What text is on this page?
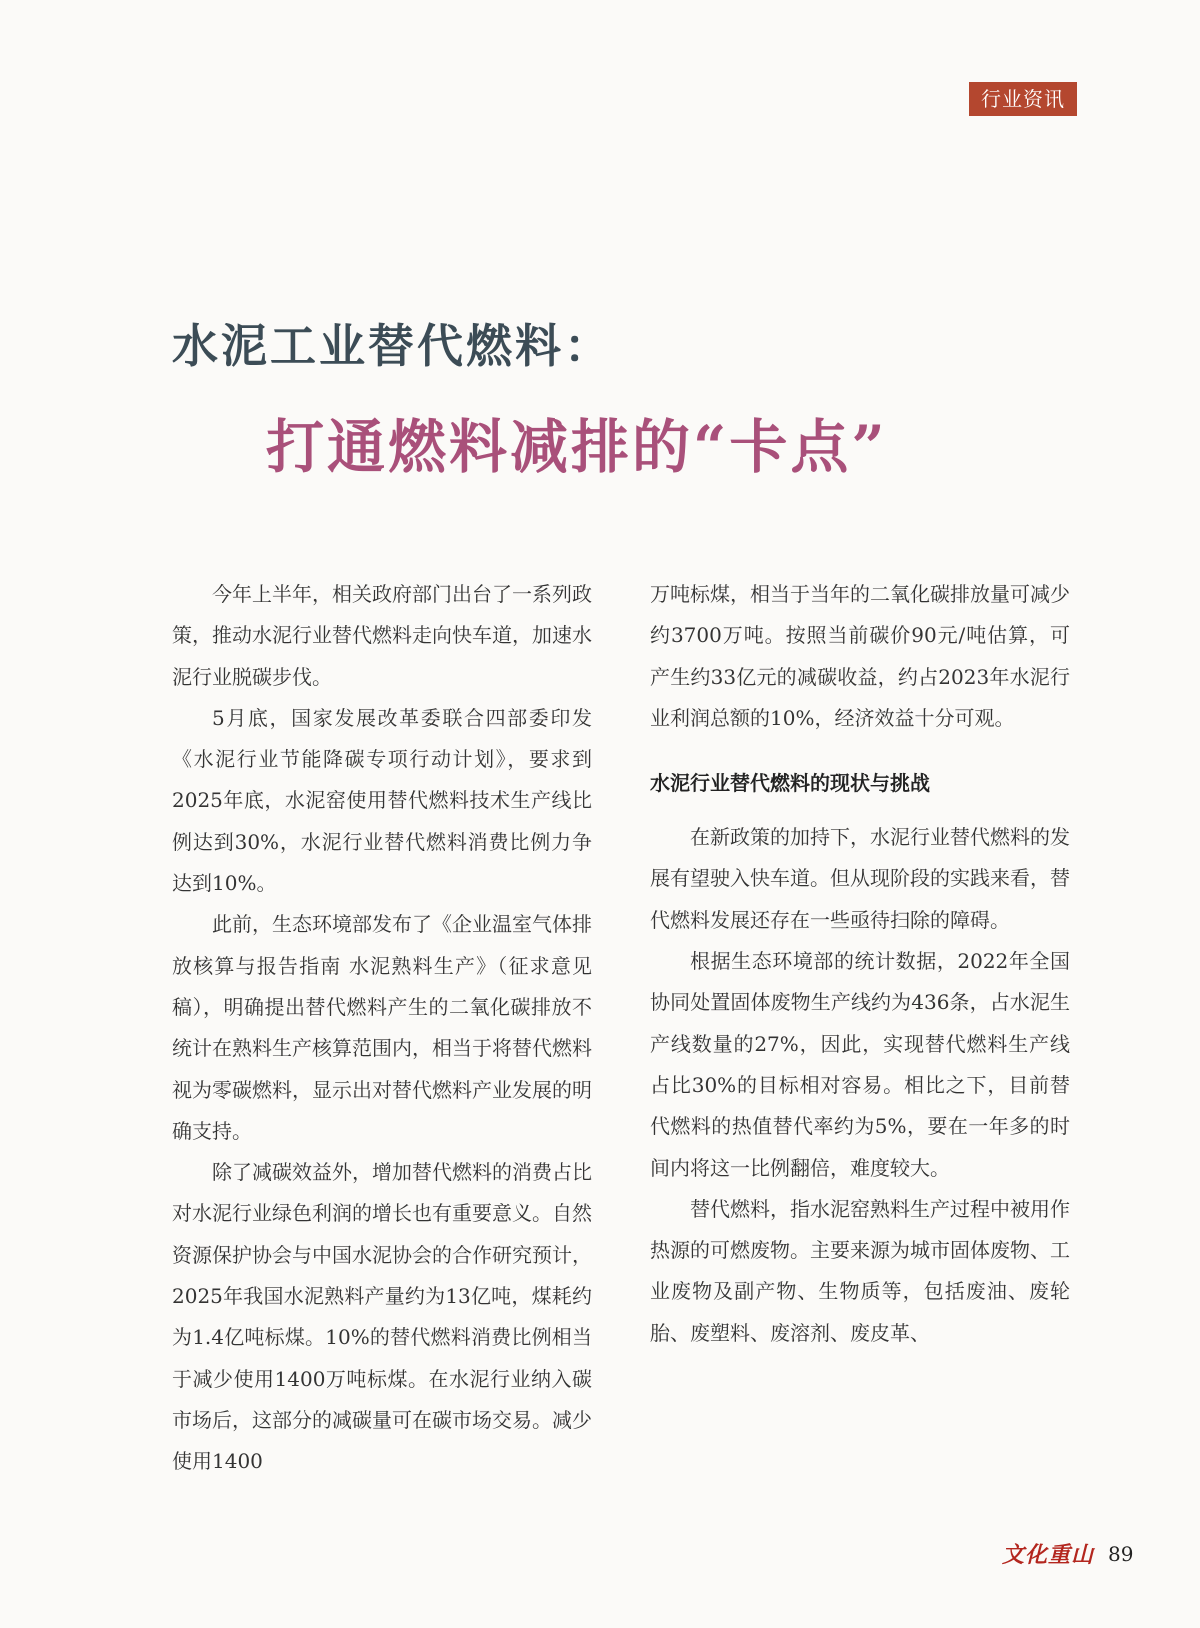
行业资讯
水泥工业替代燃料：
打通燃料减排的“卡点”

今年上半年，相关政府部门出台了一系列政策，推动水泥行业替代燃料走向快车道，加速水泥行业脱碳步伐。

5月底，国家发展改革委联合四部委印发《水泥行业节能降碳专项行动计划》，要求到2025年底，水泥窑使用替代燃料技术生产线比例达到30%，水泥行业替代燃料消费比例力争达到10%。

此前，生态环境部发布了《企业温室气体排放核算与报告指南 水泥熟料生产》（征求意见稿），明确提出替代燃料产生的二氧化碳排放不统计在熟料生产核算范围内，相当于将替代燃料视为零碳燃料，显示出对替代燃料产业发展的明确支持。

除了减碳效益外，增加替代燃料的消费占比对水泥行业绿色利润的增长也有重要意义。自然资源保护协会与中国水泥协会的合作研究预计，2025年我国水泥熟料产量约为13亿吨，煤耗约为1.4亿吨标煤。10%的替代燃料消费比例相当于减少使用1400万吨标煤。在水泥行业纳入碳市场后，这部分的减碳量可在碳市场交易。减少使用1400

万吨标煤，相当于当年的二氧化碳排放量可减少约3700万吨。按照当前碳价90元/吨估算，可产生约33亿元的减碳收益，约占2023年水泥行业利润总额的10%，经济效益十分可观。

水泥行业替代燃料的现状与挑战

在新政策的加持下，水泥行业替代燃料的发展有望驶入快车道。但从现阶段的实践来看，替代燃料发展还存在一些亟待扫除的障碍。

根据生态环境部的统计数据，2022年全国协同处置固体废物生产线约为436条，占水泥生产线数量的27%，因此，实现替代燃料生产线占比30%的目标相对容易。相比之下，目前替代燃料的热值替代率约为5%，要在一年多的时间内将这一比例翻倍，难度较大。

替代燃料，指水泥窑熟料生产过程中被用作热源的可燃废物。主要来源为城市固体废物、工业废物及副产物、生物质等，包括废油、废轮胎、废塑料、废溶剂、废皮革、

文化重山 89
